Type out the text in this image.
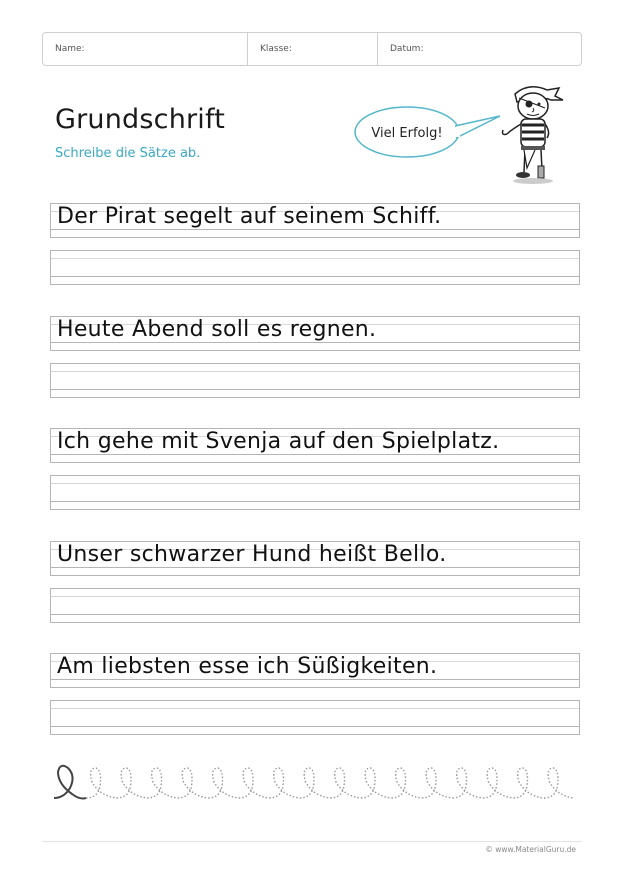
Name:	Klasse:	Datum:
Grundschrift
Schreibe die Sätze ab.
Viel Erfolg!
Der Pirat segelt auf seinem Schiff.
Heute Abend soll es regnen.
Ich gehe mit Svenja auf den Spielplatz.
Unser schwarzer Hund heißt Bello.
Am liebsten esse ich Süßigkeiten.
© www.MaterialGuru.de
